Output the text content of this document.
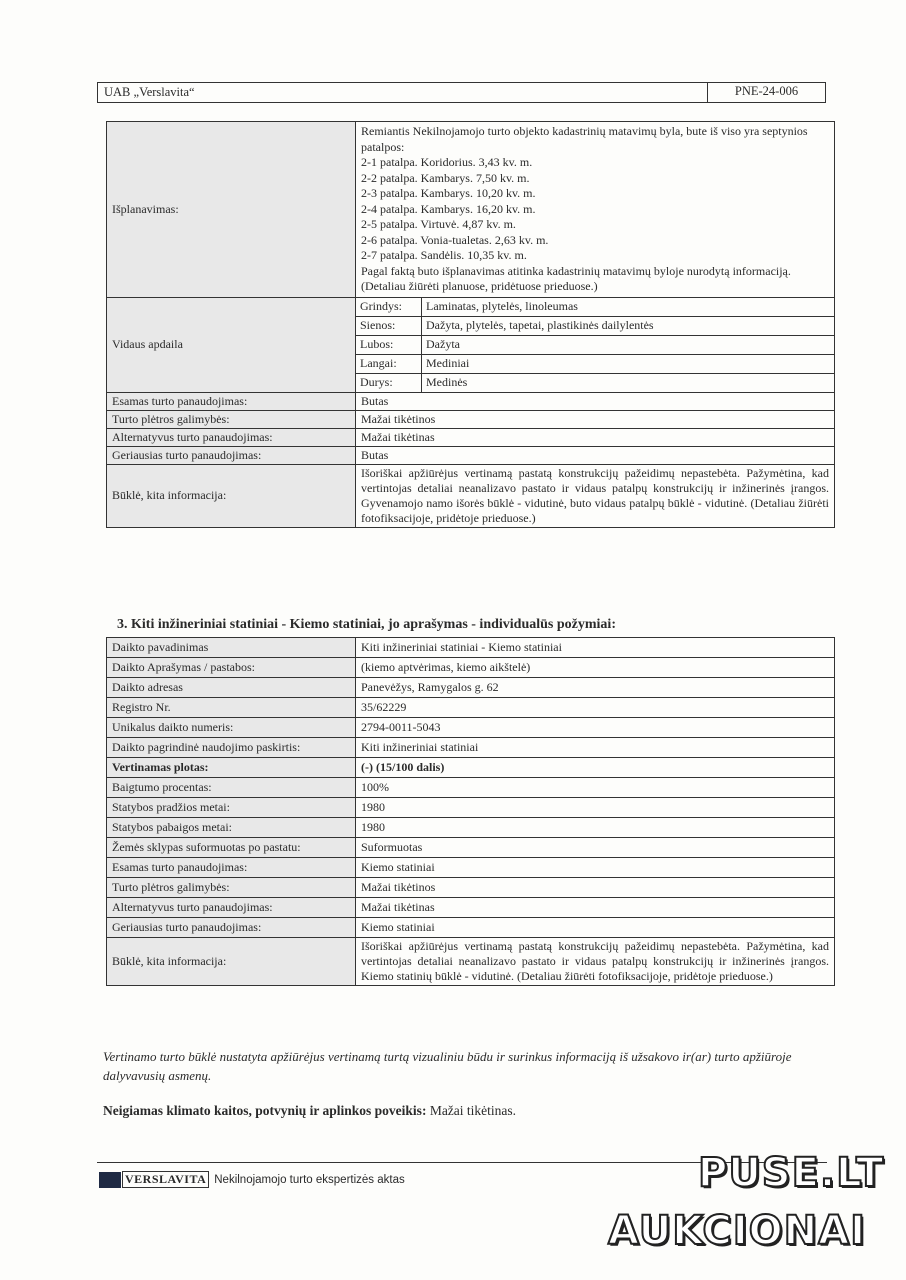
UAB „Verslavita“	PNE-24-006
Išplanavimas:	
Remiantis Nekilnojamojo turto objekto kadastrinių matavimų byla, bute iš viso yra septynios patalpos:
2-1 patalpa. Koridorius. 3,43 kv. m.
2-2 patalpa. Kambarys. 7,50 kv. m.
2-3 patalpa. Kambarys. 10,20 kv. m.
2-4 patalpa. Kambarys. 16,20 kv. m.
2-5 patalpa. Virtuvė. 4,87 kv. m.
2-6 patalpa. Vonia-tualetas. 2,63 kv. m.
2-7 patalpa. Sandėlis. 10,35 kv. m.
Pagal faktą buto išplanavimas atitinka kadastrinių matavimų byloje nurodytą informaciją. (Detaliau žiūrėti planuose, pridėtuose prieduose.)

Vidaus apdaila	
Grindys:	Laminatas, plytelės, linoleumas
Sienos:	Dažyta, plytelės, tapetai, plastikinės dailylentės
Lubos:	Dažyta
Langai:	Mediniai
Durys:	Medinės

Esamas turto panaudojimas:	Butas
Turto plėtros galimybės:	Mažai tikėtinos
Alternatyvus turto panaudojimas:	Mažai tikėtinas
Geriausias turto panaudojimas:	Butas
Būklė, kita informacija:	Išoriškai apžiūrėjus vertinamą pastatą konstrukcijų pažeidimų nepastebėta. Pažymėtina, kad vertintojas detaliai neanalizavo pastato ir vidaus patalpų konstrukcijų ir inžinerinės įrangos. Gyvenamojo namo išorės būklė - vidutinė, buto vidaus patalpų būklė - vidutinė. (Detaliau žiūrėti fotofiksacijoje, pridėtoje prieduose.)
3. Kiti inžineriniai statiniai - Kiemo statiniai, jo aprašymas - individualūs požymiai:
Daikto pavadinimas	Kiti inžineriniai statiniai - Kiemo statiniai
Daikto Aprašymas / pastabos:	(kiemo aptvėrimas, kiemo aikštelė)
Daikto adresas	Panevėžys, Ramygalos g. 62
Registro Nr.	35/62229
Unikalus daikto numeris:	2794-0011-5043
Daikto pagrindinė naudojimo paskirtis:	Kiti inžineriniai statiniai
Vertinamas plotas:	(-) (15/100 dalis)
Baigtumo procentas:	100%
Statybos pradžios metai:	1980
Statybos pabaigos metai:	1980
Žemės sklypas suformuotas po pastatu:	Suformuotas
Esamas turto panaudojimas:	Kiemo statiniai
Turto plėtros galimybės:	Mažai tikėtinos
Alternatyvus turto panaudojimas:	Mažai tikėtinas
Geriausias turto panaudojimas:	Kiemo statiniai
Būklė, kita informacija:	Išoriškai apžiūrėjus vertinamą pastatą konstrukcijų pažeidimų nepastebėta. Pažymėtina, kad vertintojas detaliai neanalizavo pastato ir vidaus patalpų konstrukcijų ir inžinerinės įrangos. Kiemo statinių būklė - vidutinė. (Detaliau žiūrėti fotofiksacijoje, pridėtoje prieduose.)
Vertinamo turto būklė nustatyta apžiūrėjus vertinamą turtą vizualiniu būdu ir surinkus informaciją iš užsakovo ir(ar) turto apžiūroje dalyvavusių asmenų.
Neigiamas klimato kaitos, potvynių ir aplinkos poveikis: Mažai tikėtinas.
VERSLAVITA Nekilnojamojo turto ekspertizės aktas	PUSE.LT
AUKCIONAI
